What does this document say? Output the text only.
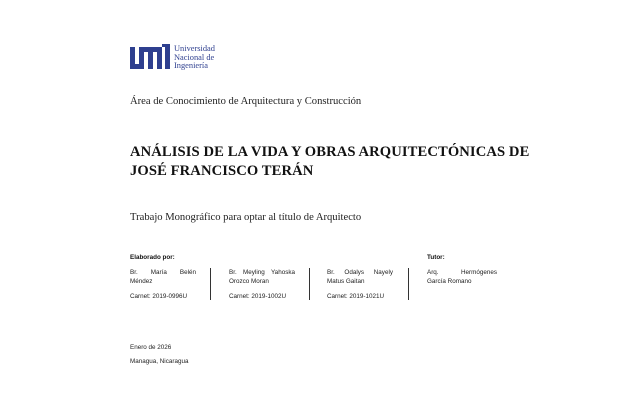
Universidad
Nacional de
Ingeniería
Área de Conocimiento de Arquitectura y Construcción
ANÁLISIS DE LA VIDA Y OBRAS ARQUITECTÓNICAS DE
JOSÉ FRANCISCO TERÁN
Trabajo Monográfico para optar al título de Arquitecto
Elaborado por:	Tutor:
Br. María Belén
Méndez
Carnet: 2019-0996U
Br. Meyling Yahoska
Orozco Moran
Carnet: 2019-1002U
Br. Odalys Nayely
Matus Gaitan
Carnet: 2019-1021U
Arq. Hermógenes
García Romano
Enero de 2026
Managua, Nicaragua
